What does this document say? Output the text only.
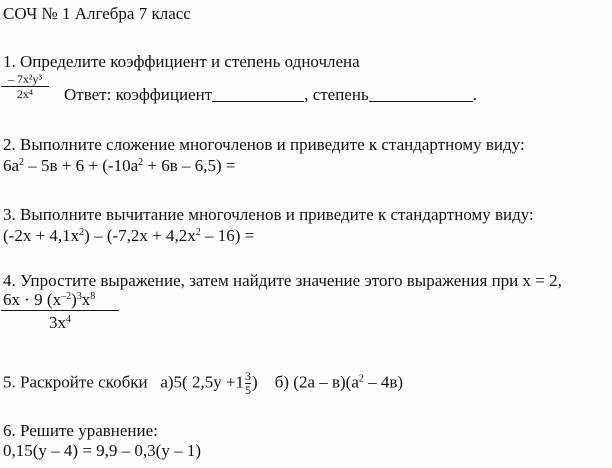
СОЧ № 1 Алгебра 7 класс
1. Определите коэффициент и степень одночлена
– 7x²y³
2x⁴	Ответ: коэффициент	, степень	.
2. Выполните сложение многочленов и приведите к стандартному виду:
$6а^2 - 5в + 6 + (-10а^2 + 6в - 6,5)$ =
3. Выполните вычитание многочленов и приведите к стандартному виду:
$(-2x + 4,1x^2) - (-7,2x + 4,2x^2 - 16)$ =
4. Упростите выражение, затем найдите значение этого выражения при x = 2,
6x · 9 $(x^{-2})^3x^8$
$3x^4$
5. Раскройте скобки а)5( $2,5у +1 \frac{3}{5}$ ) б) $(2а - в)(а^2 - 4в)$
6. Решите уравнение:
0,15(у – 4) = 9,9 – 0,3(у – 1)
